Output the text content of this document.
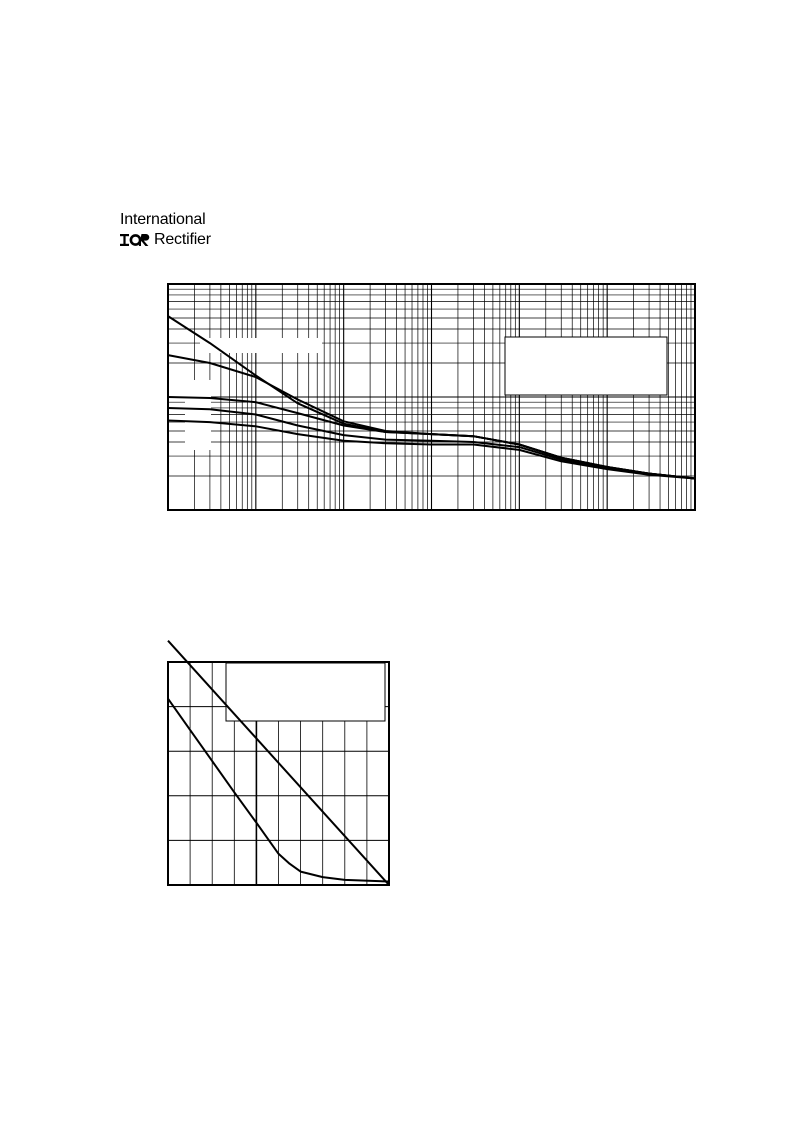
International
Rectifier
